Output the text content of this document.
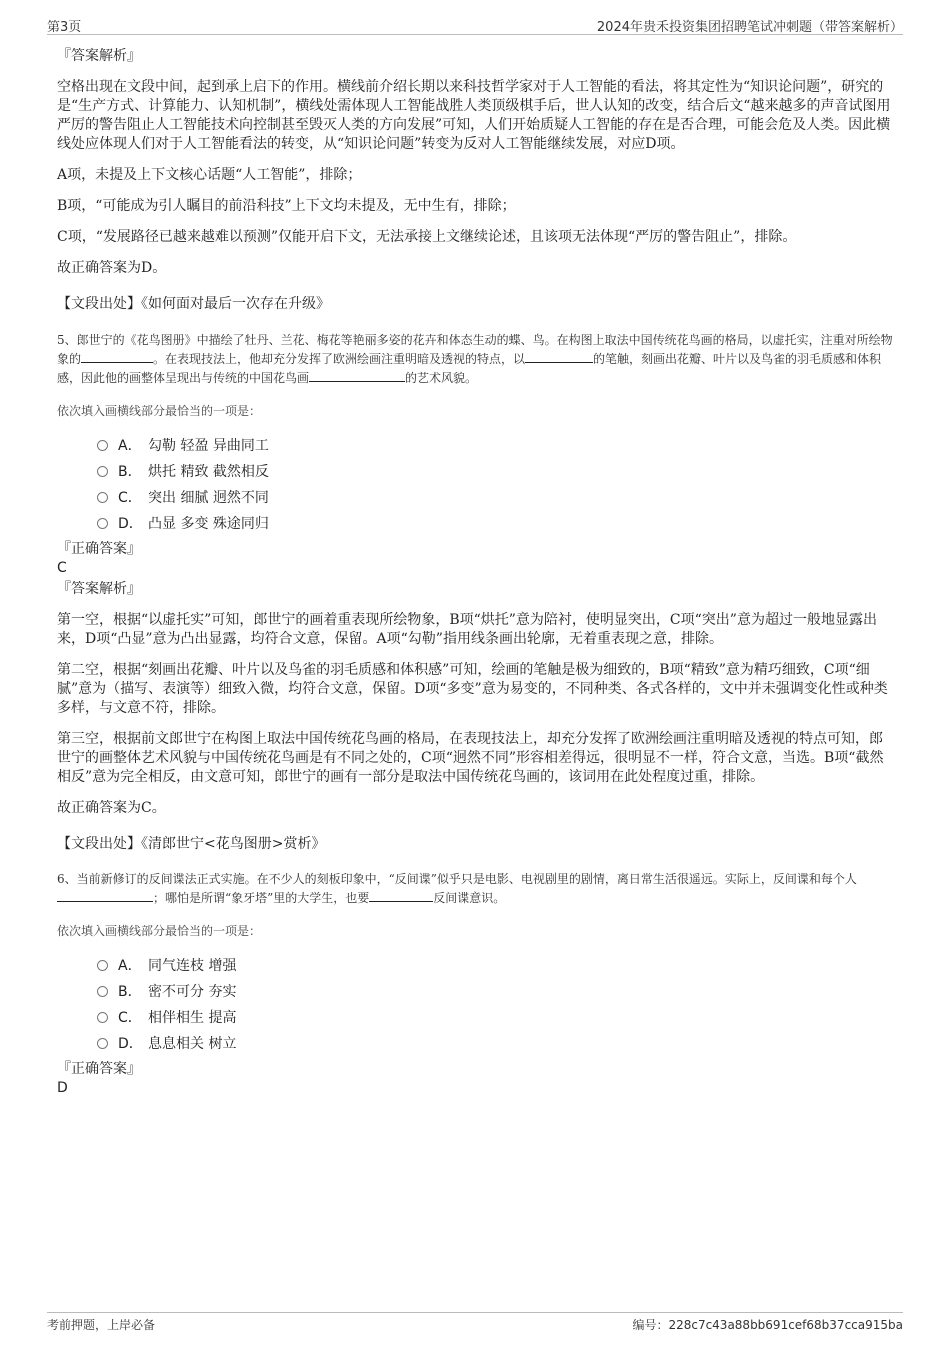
第3页	2024年贵禾投资集团招聘笔试冲刺题（带答案解析）
『答案解析』

空格出现在文段中间，起到承上启下的作用。横线前介绍长期以来科技哲学家对于人工智能的看法，将其定性为“知识论问题”，研究的是“生产方式、计算能力、认知机制”，横线处需体现人工智能战胜人类顶级棋手后，世人认知的改变，结合后文“越来越多的声音试图用严厉的警告阻止人工智能技术向控制甚至毁灭人类的方向发展”可知，人们开始质疑人工智能的存在是否合理，可能会危及人类。因此横线处应体现人们对于人工智能看法的转变，从“知识论问题”转变为反对人工智能继续发展，对应D项。

A项，未提及上下文核心话题“人工智能”，排除；

B项，“可能成为引人瞩目的前沿科技”上下文均未提及，无中生有，排除；

C项，“发展路径已越来越难以预测”仅能开启下文，无法承接上文继续论述，且该项无法体现“严厉的警告阻止”，排除。

故正确答案为D。

【文段出处】《如何面对最后一次存在升级》

5、郎世宁的《花鸟图册》中描绘了牡丹、兰花、梅花等艳丽多姿的花卉和体态生动的蝶、鸟。在构图上取法中国传统花鸟画的格局，以虚托实，注重对所绘物象的	。在表现技法上，他却充分发挥了欧洲绘画注重明暗及透视的特点，以	的笔触，刻画出花瓣、叶片以及鸟雀的羽毛质感和体积感，因此他的画整体呈现出与传统的中国花鸟画	的艺术风貌。

依次填入画横线部分最恰当的一项是：
A． 勾勒 轻盈 异曲同工
B． 烘托 精致 截然相反
C． 突出 细腻 迥然不同
D． 凸显 多变 殊途同归
『正确答案』
C
『答案解析』

第一空，根据“以虚托实”可知，郎世宁的画着重表现所绘物象，B项“烘托”意为陪衬，使明显突出，C项“突出”意为超过一般地显露出来，D项“凸显”意为凸出显露，均符合文意，保留。A项“勾勒”指用线条画出轮廓，无着重表现之意，排除。

第二空，根据“刻画出花瓣、叶片以及鸟雀的羽毛质感和体积感”可知，绘画的笔触是极为细致的，B项“精致”意为精巧细致，C项“细腻”意为（描写、表演等）细致入微，均符合文意，保留。D项“多变”意为易变的，不同种类、各式各样的，文中并未强调变化性或种类多样，与文意不符，排除。

第三空，根据前文郎世宁在构图上取法中国传统花鸟画的格局，在表现技法上，却充分发挥了欧洲绘画注重明暗及透视的特点可知，郎世宁的画整体艺术风貌与中国传统花鸟画是有不同之处的，C项“迥然不同”形容相差得远，很明显不一样，符合文意，当选。B项“截然相反”意为完全相反，由文意可知，郎世宁的画有一部分是取法中国传统花鸟画的，该词用在此处程度过重，排除。

故正确答案为C。

【文段出处】《清郎世宁<花鸟图册>赏析》

6、当前新修订的反间谍法正式实施。在不少人的刻板印象中，“反间谍”似乎只是电影、电视剧里的剧情，离日常生活很遥远。实际上，反间谍和每个人；哪怕是所谓“象牙塔”里的大学生，也要	反间谍意识。

依次填入画横线部分最恰当的一项是：
A． 同气连枝 增强
B． 密不可分 夯实
C． 相伴相生 提高
D． 息息相关 树立
『正确答案』
D
考前押题，上岸必备	编号：228c7c43a88bb691cef68b37cca915ba
